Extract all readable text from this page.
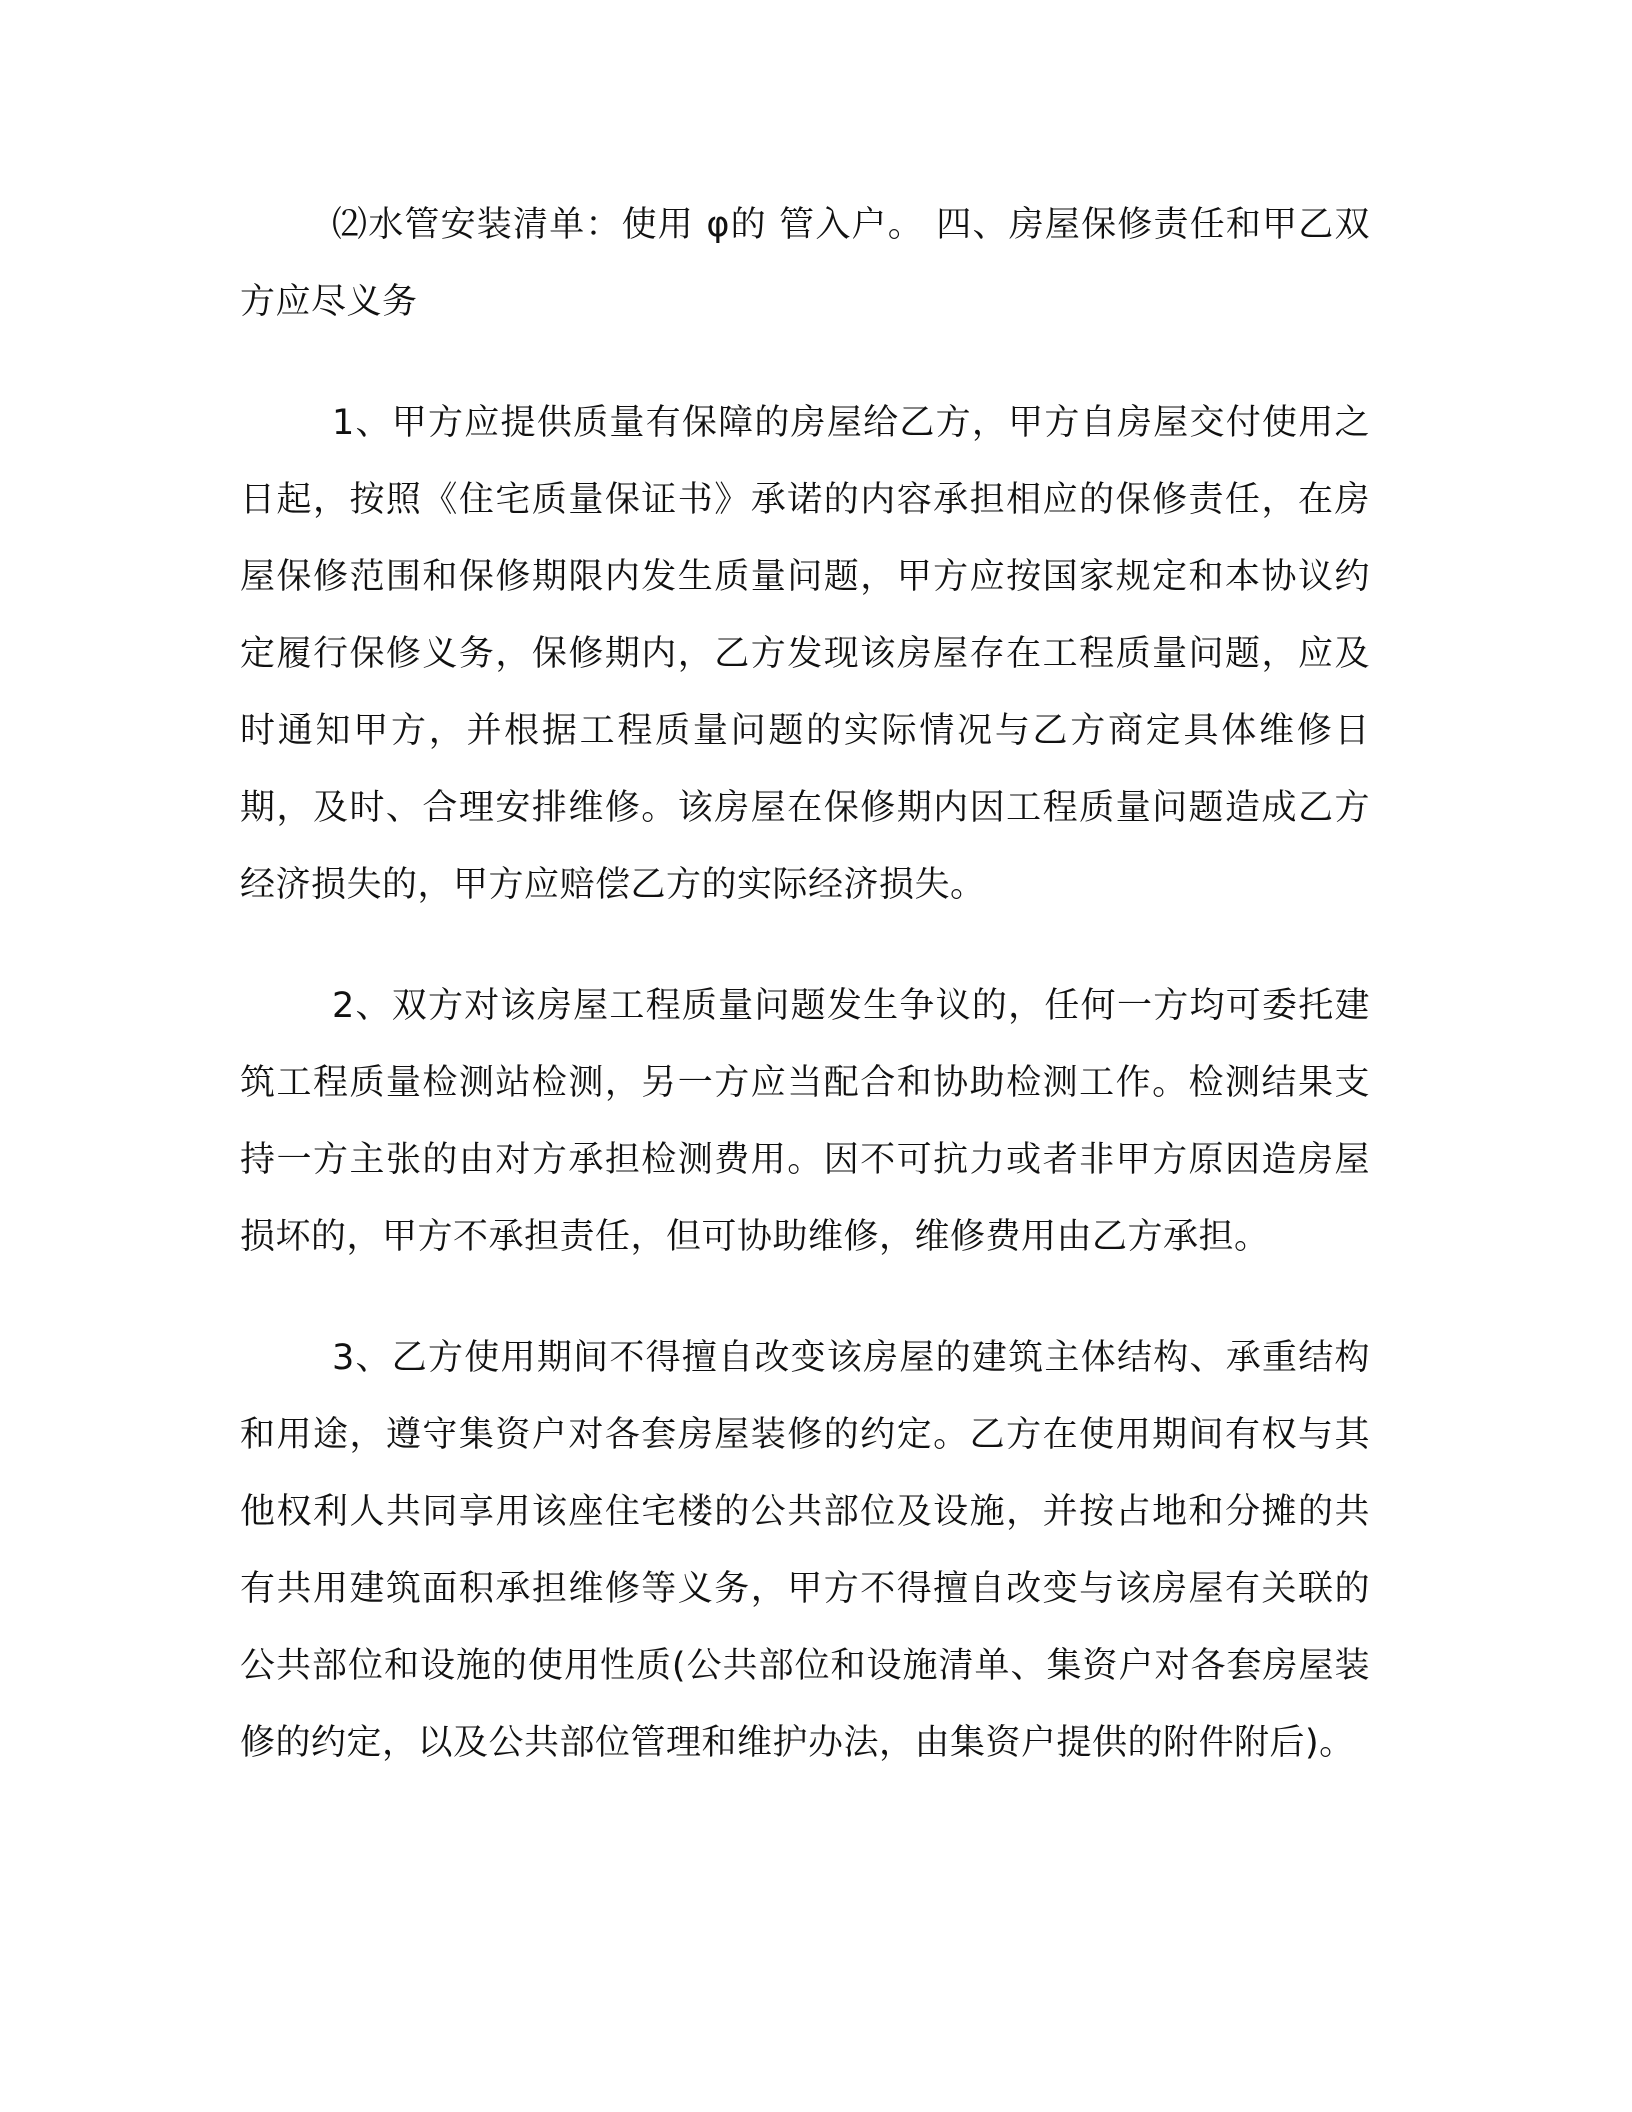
⑵水管安装清单：使用 φ的 管入户。 四、房屋保修责任和甲乙双方应尽义务

1、甲方应提供质量有保障的房屋给乙方，甲方自房屋交付使用之日起，按照《住宅质量保证书》承诺的内容承担相应的保修责任，在房屋保修范围和保修期限内发生质量问题，甲方应按国家规定和本协议约定履行保修义务，保修期内，乙方发现该房屋存在工程质量问题，应及时通知甲方，并根据工程质量问题的实际情况与乙方商定具体维修日期，及时、合理安排维修。该房屋在保修期内因工程质量问题造成乙方经济损失的，甲方应赔偿乙方的实际经济损失。

2、双方对该房屋工程质量问题发生争议的，任何一方均可委托建筑工程质量检测站检测，另一方应当配合和协助检测工作。检测结果支持一方主张的由对方承担检测费用。因不可抗力或者非甲方原因造房屋损坏的，甲方不承担责任，但可协助维修，维修费用由乙方承担。

3、乙方使用期间不得擅自改变该房屋的建筑主体结构、承重结构和用途，遵守集资户对各套房屋装修的约定。乙方在使用期间有权与其他权利人共同享用该座住宅楼的公共部位及设施，并按占地和分摊的共有共用建筑面积承担维修等义务，甲方不得擅自改变与该房屋有关联的公共部位和设施的使用性质(公共部位和设施清单、集资户对各套房屋装修的约定，以及公共部位管理和维护办法，由集资户提供的附件附后)。
